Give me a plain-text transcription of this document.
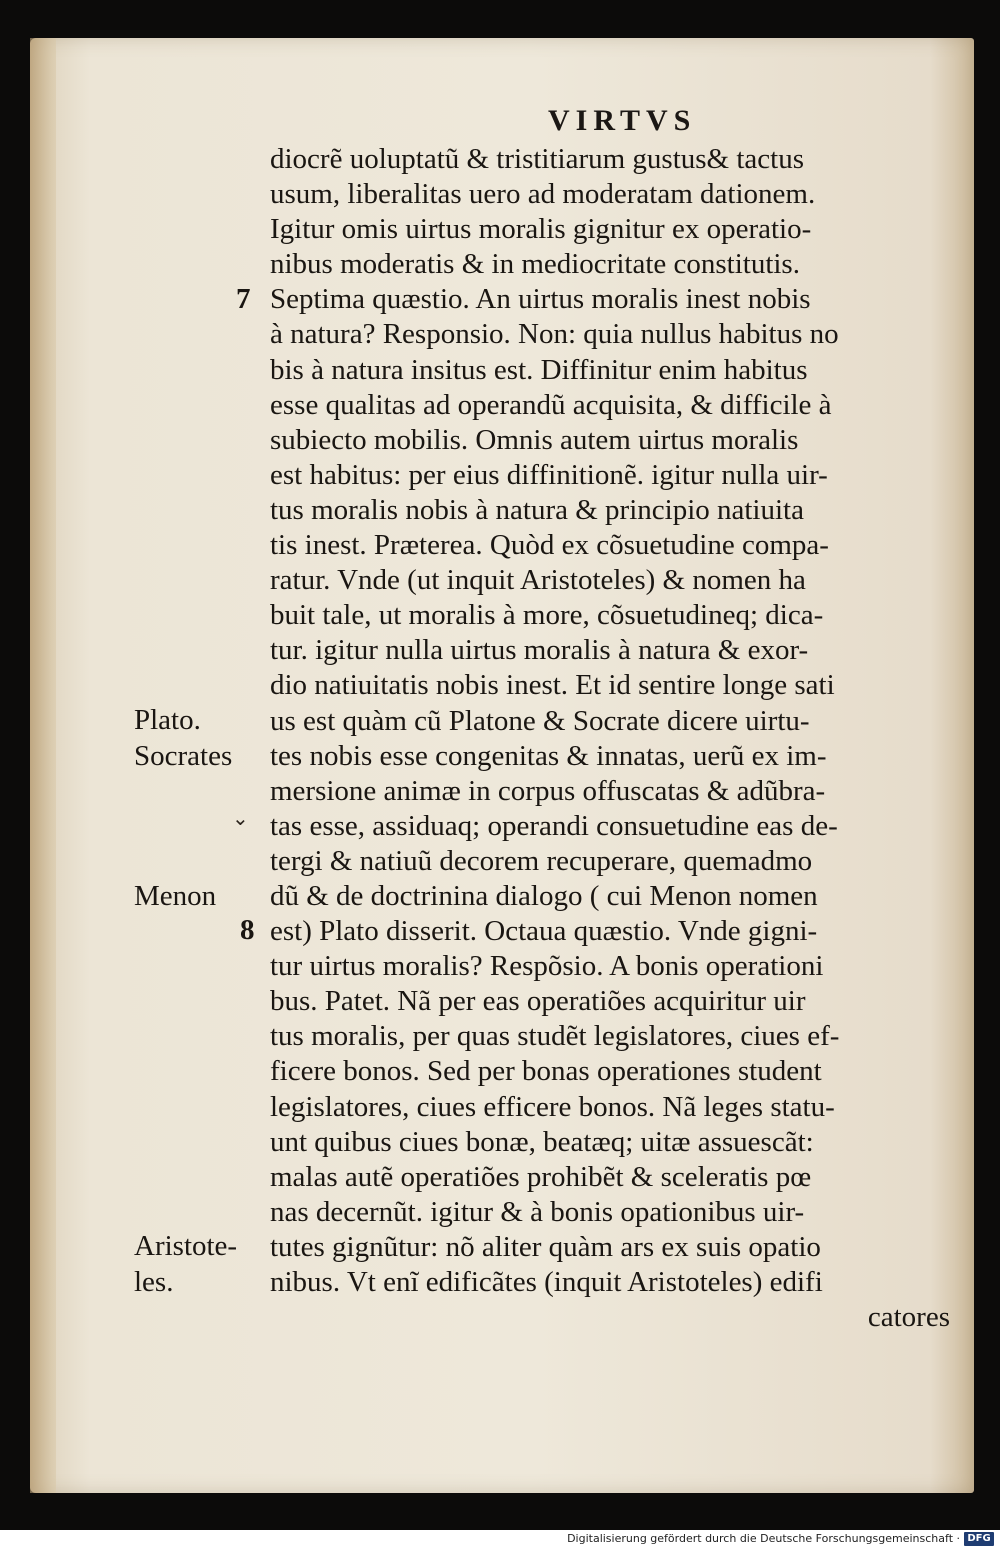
VIRTVS
diocrẽ uoluptatũ & tristitiarum gustus& tactus
usum, liberalitas uero ad moderatam dationem.
Igitur omis uirtus moralis gignitur ex operatio-
nibus moderatis & in mediocritate constitutis.
Septima quæstio. An uirtus moralis inest nobis
à natura? Responsio. Non: quia nullus habitus no
bis à natura insitus est. Diffinitur enim habitus
esse qualitas ad operandũ acquisita, & difficile à
subiecto mobilis. Omnis autem uirtus moralis
est habitus: per eius diffinitionẽ. igitur nulla uir-
tus moralis nobis à natura & principio natiuita
tis inest. Præterea. Quòd ex cõsuetudine compa-
ratur. Vnde (ut inquit Aristoteles) & nomen ha
buit tale, ut moralis à more, cõsuetudineq; dica-
tur. igitur nulla uirtus moralis à natura & exor-
dio natiuitatis nobis inest. Et id sentire longe sati
us est quàm cũ Platone & Socrate dicere uirtu-
tes nobis esse congenitas & innatas, uerũ ex im-
mersione animæ in corpus offuscatas & adũbra-
tas esse, assiduaq; operandi consuetudine eas de-
tergi & natiuũ decorem recuperare, quemadmo
dũ & de doctrinina dialogo ( cui Menon nomen
est) Plato disserit. Octaua quæstio. Vnde gigni-
tur uirtus moralis? Respõsio. A bonis operationi
bus. Patet. Nã per eas operatiões acquiritur uir
tus moralis, per quas studẽt legislatores, ciues ef-
ficere bonos. Sed per bonas operationes student
legislatores, ciues efficere bonos. Nã leges statu-
unt quibus ciues bonæ, beatæq; uitæ assuescãt:
malas autẽ operatiões prohibẽt & sceleratis pœ
nas decernũt. igitur & à bonis opationibus uir-
tutes gignũtur: nõ aliter quàm ars ex suis opatio
nibus. Vt enĩ edificãtes (inquit Aristoteles) edifi
catores
7
8
Plato.
Socrates
⌄
Menon
Aristote-
les.
Digitalisierung gefördert durch die Deutsche Forschungsgemeinschaft · DFG
